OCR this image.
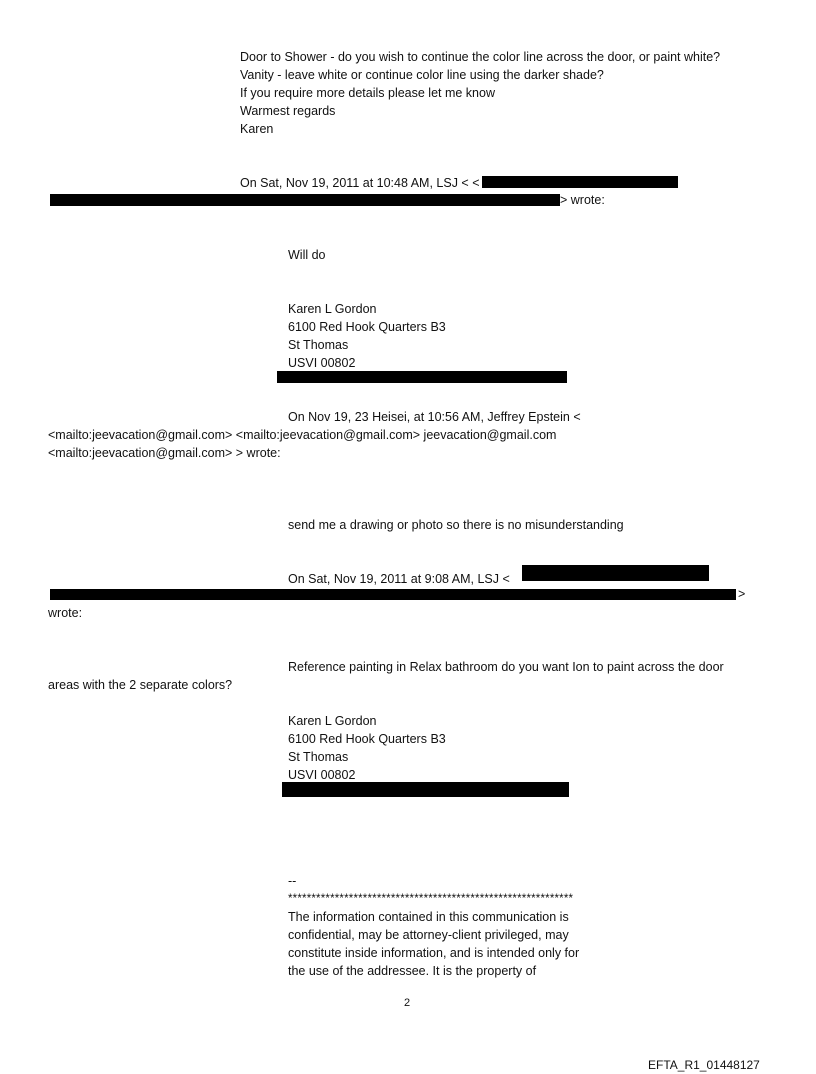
Door to Shower - do you wish to continue the color line across the door, or paint white?
Vanity - leave white or continue color line using the darker shade?
If you require more details please let me know
Warmest regards
Karen
On Sat, Nov 19, 2011 at 10:48 AM, LSJ < <
> wrote:
Will do
Karen L Gordon
6100 Red Hook Quarters B3
St Thomas
USVI 00802
On Nov 19, 23 Heisei, at 10:56 AM, Jeffrey Epstein <
<mailto:jeevacation@gmail.com> <mailto:jeevacation@gmail.com> jeevacation@gmail.com
<mailto:jeevacation@gmail.com> > wrote:
send me a drawing or photo so there is no misunderstanding
On Sat, Nov 19, 2011 at 9:08 AM, LSJ <
>
wrote:
Reference painting in Relax bathroom do you want Ion to paint across the door
areas with the 2 separate colors?
Karen L Gordon
6100 Red Hook Quarters B3
St Thomas
USVI 00802
--
*************************************************************
The information contained in this communication is
confidential, may be attorney-client privileged, may
constitute inside information, and is intended only for
the use of the addressee. It is the property of
2
EFTA_R1_01448127
